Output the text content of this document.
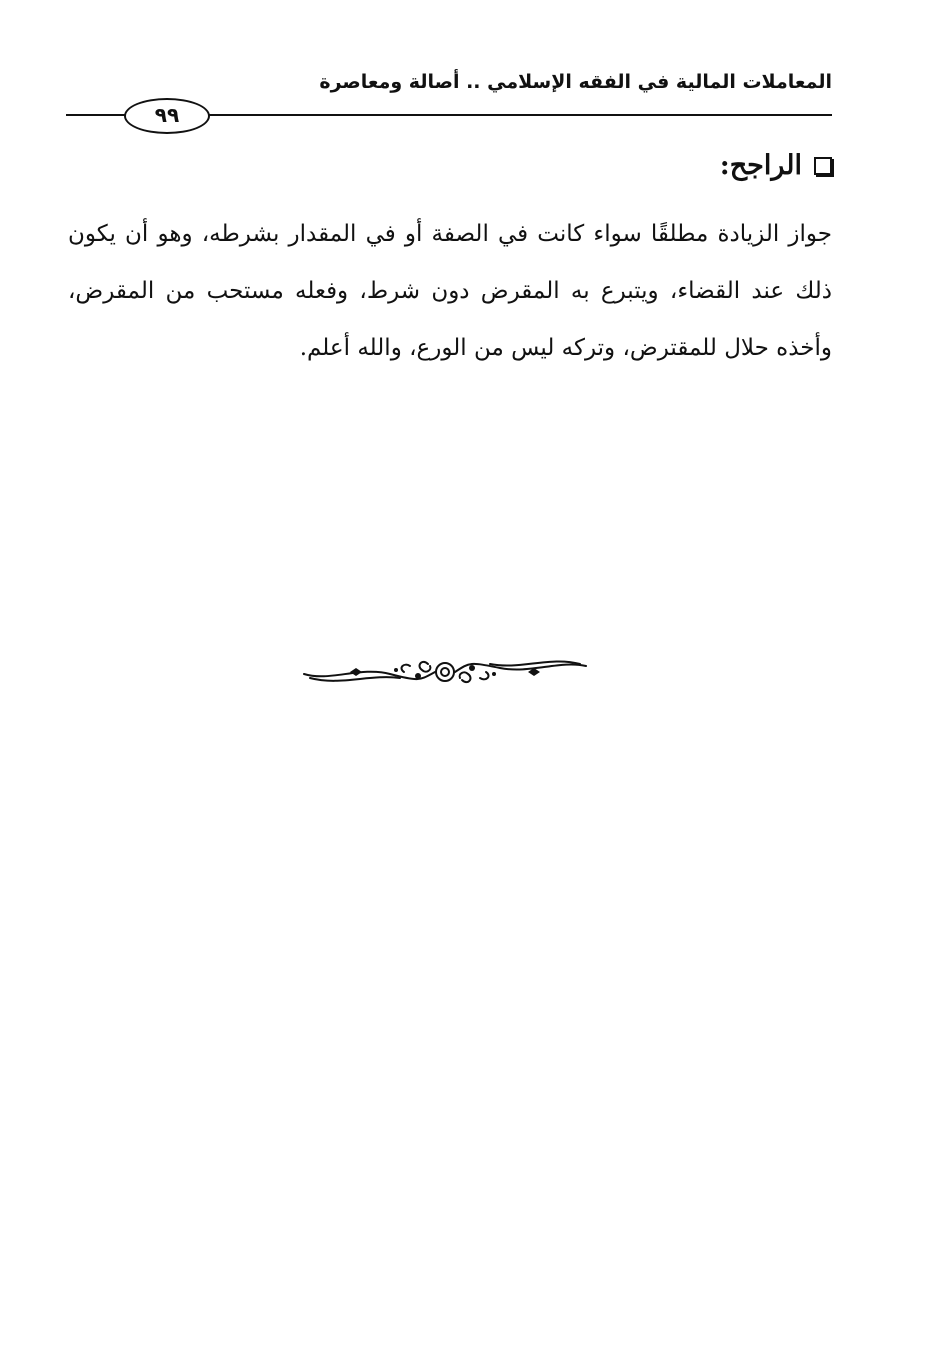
المعاملات المالية في الفقه الإسلامي .. أصالة ومعاصرة
٩٩
الراجح:

جواز الزيادة مطلقًا سواء كانت في الصفة أو في المقدار بشرطه، وهو أن يكون ذلك عند القضاء، ويتبرع به المقرض دون شرط، وفعله مستحب من المقرض، وأخذه حلال للمقترض، وتركه ليس من الورع، والله أعلم.
